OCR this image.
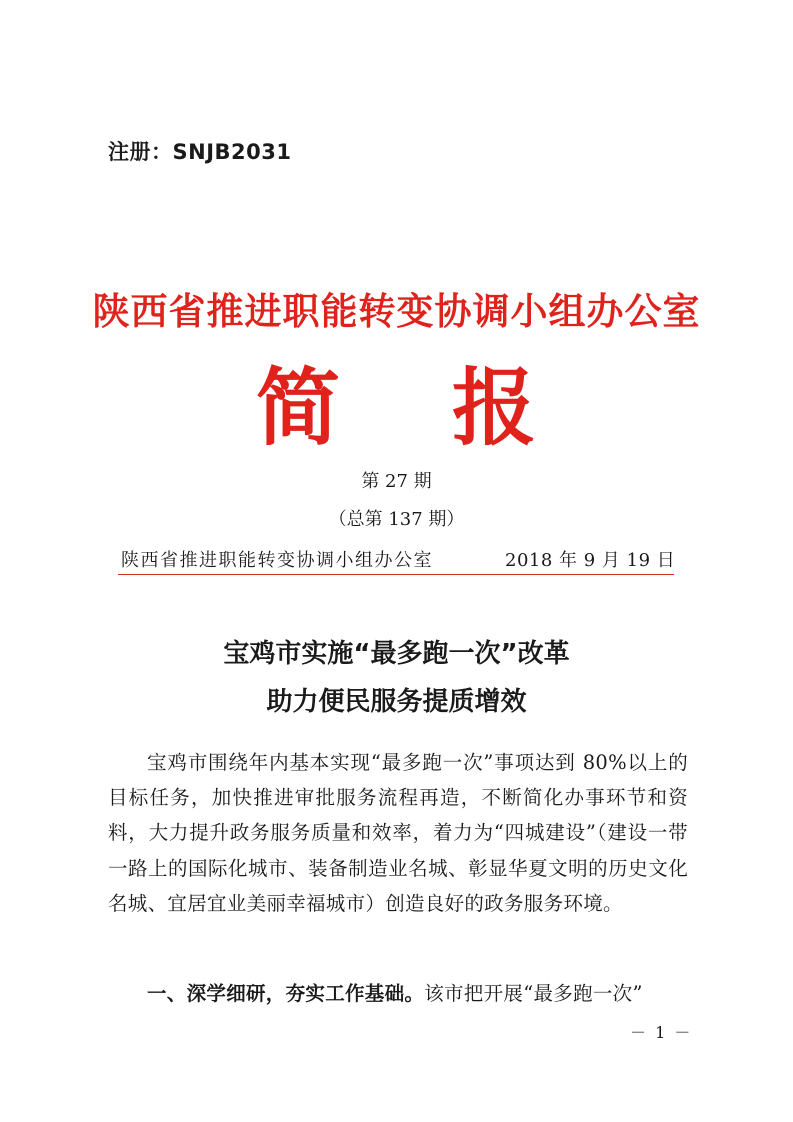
注册：SNJB2031
陕西省推进职能转变协调小组办公室
简 报
第 27 期
（总第 137 期）
陕西省推进职能转变协调小组办公室	2018 年 9 月 19 日
宝鸡市实施“最多跑一次”改革
助力便民服务提质增效
宝鸡市围绕年内基本实现“最多跑一次”事项达到 80%以上的目标任务，加快推进审批服务流程再造，不断简化办事环节和资料，大力提升政务服务质量和效率，着力为“四城建设”（建设一带一路上的国际化城市、装备制造业名城、彰显华夏文明的历史文化名城、宜居宜业美丽幸福城市）创造良好的政务服务环境。
一、深学细研，夯实工作基础。该市把开展“最多跑一次”
－ 1 －
